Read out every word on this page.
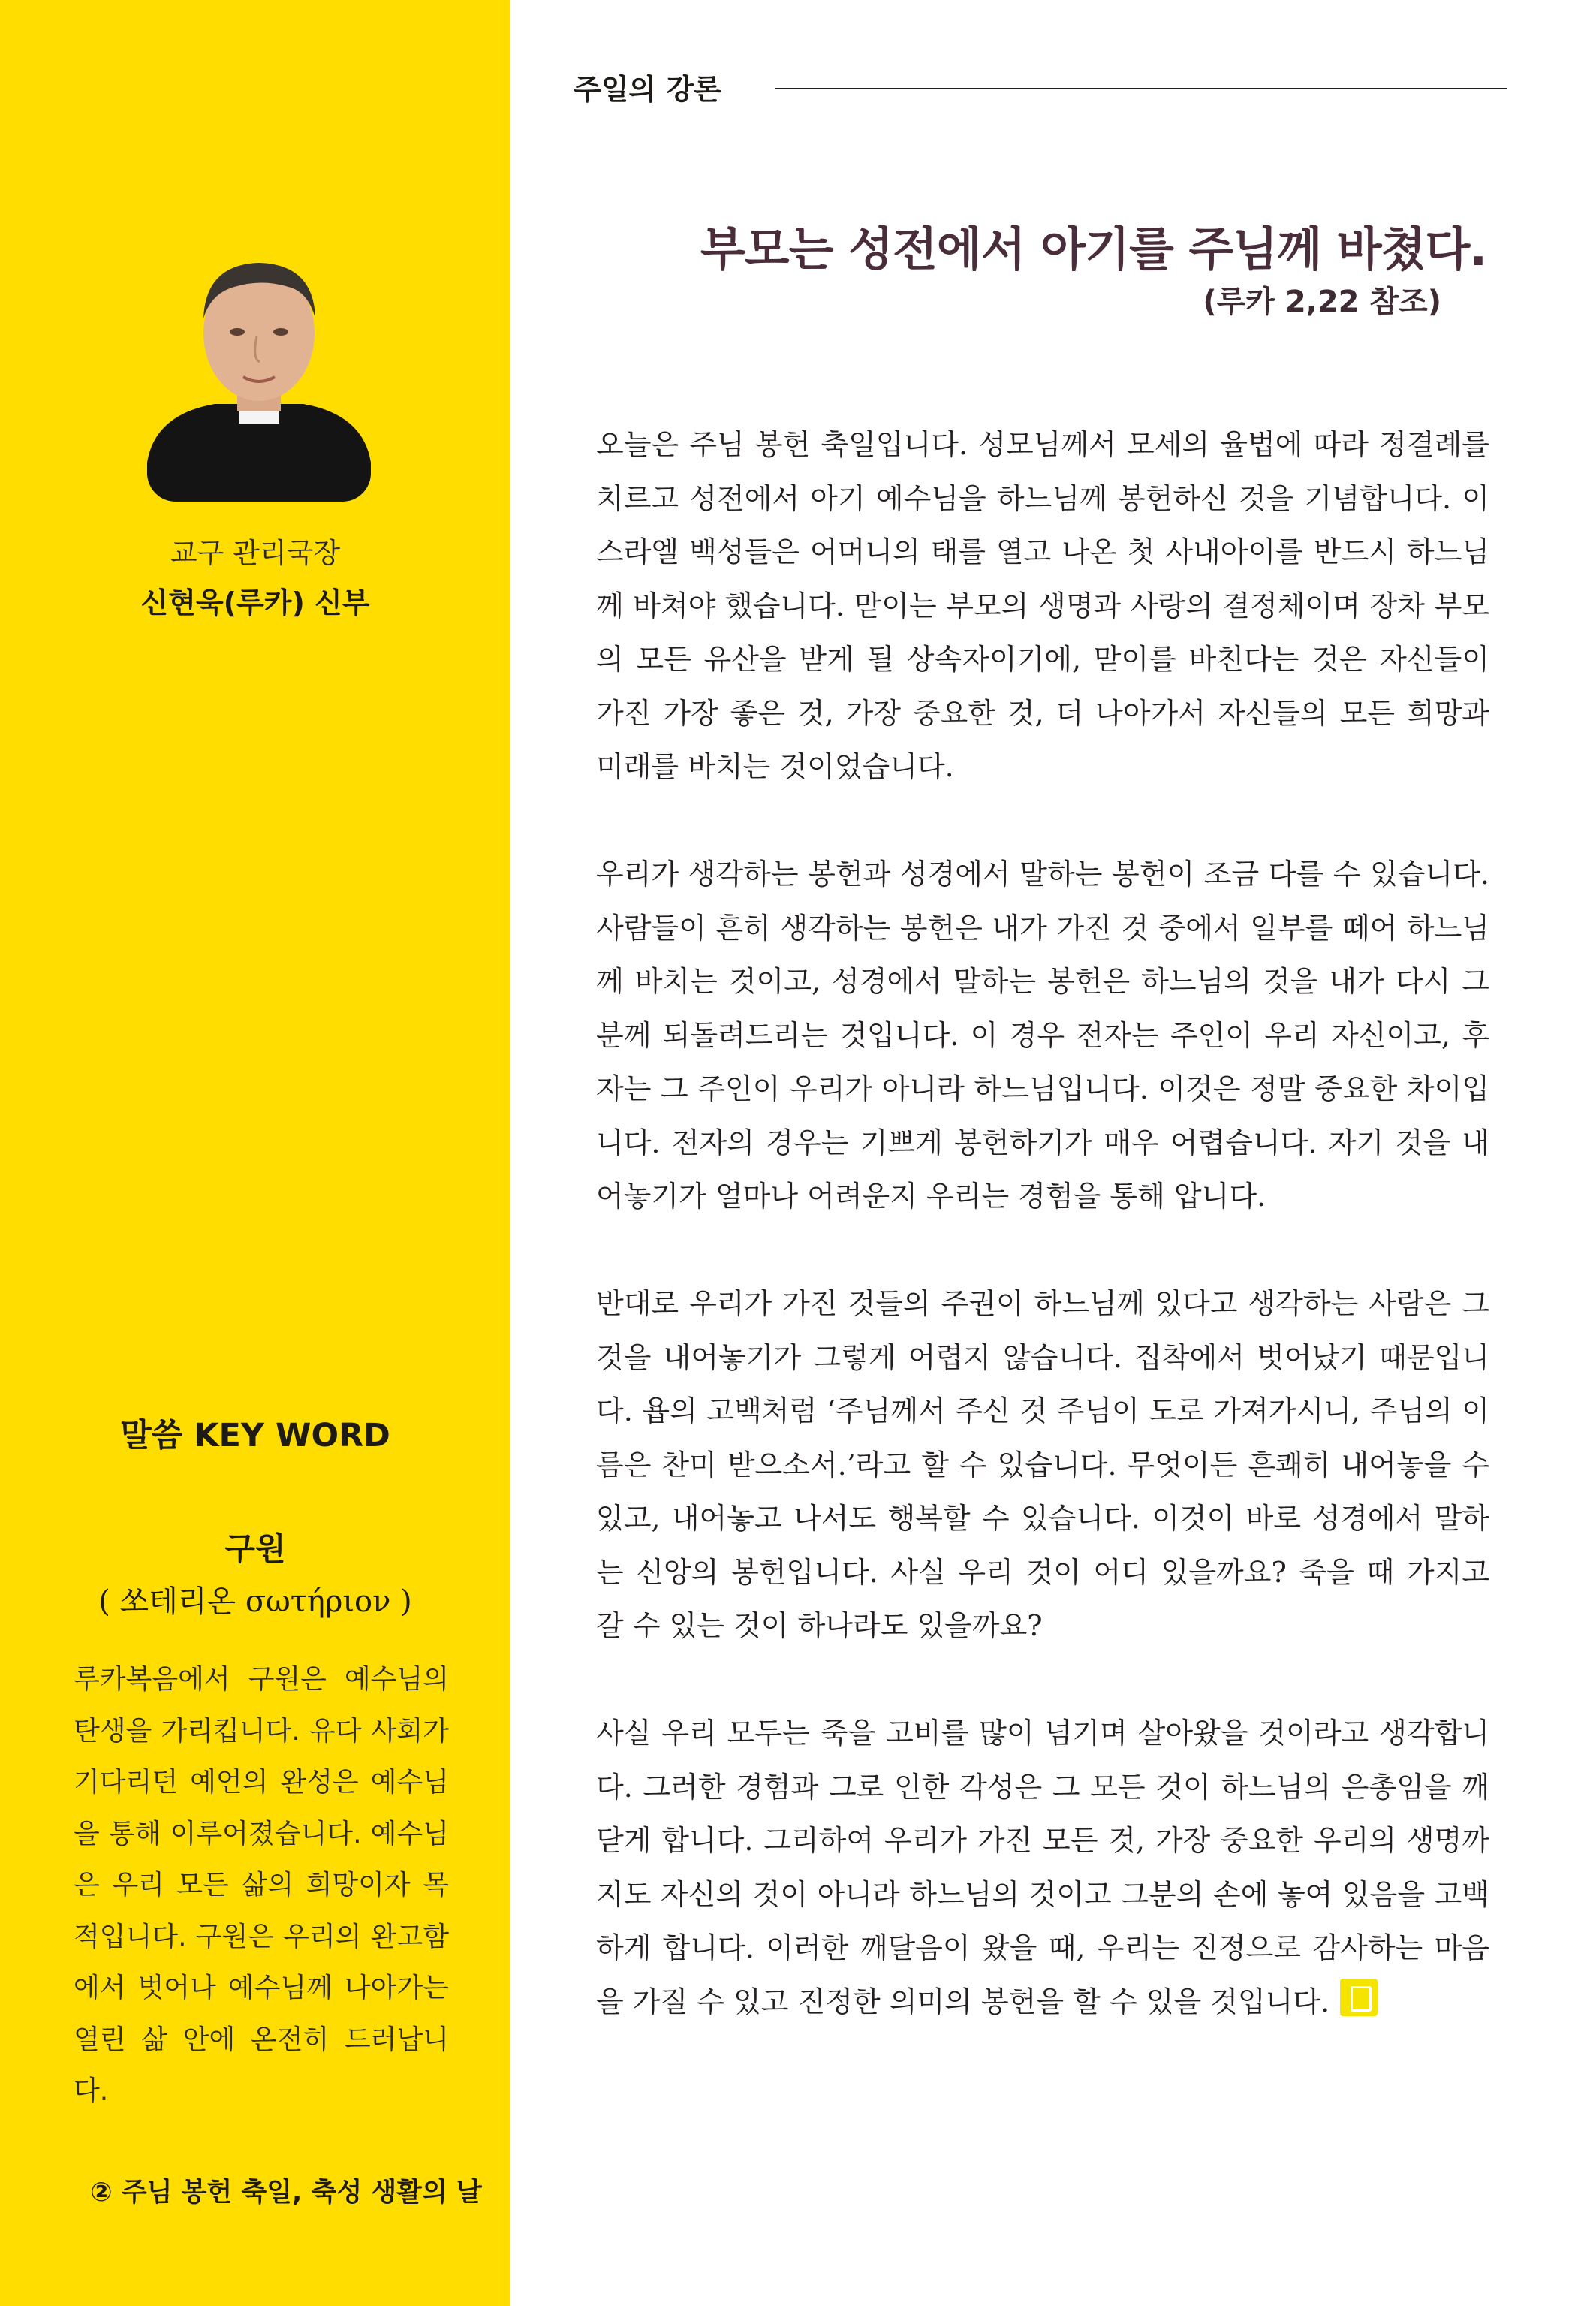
교구 관리국장
신현욱(루카) 신부
말씀 KEY WORD
구원
( 쏘테리온 σωτήριον )
루카복음에서 구원은 예수님의 탄생을 가리킵니다. 유다 사회가 기다리던 예언의 완성은 예수님을 통해 이루어졌습니다. 예수님은 우리 모든 삶의 희망이자 목적입니다. 구원은 우리의 완고함에서 벗어나 예수님께 나아가는 열린 삶 안에 온전히 드러납니다.
② 주님 봉헌 축일, 축성 생활의 날
주일의 강론
부모는 성전에서 아기를 주님께 바쳤다.
(루카 2,22 참조)

오늘은 주님 봉헌 축일입니다. 성모님께서 모세의 율법에 따라 정결례를 치르고 성전에서 아기 예수님을 하느님께 봉헌하신 것을 기념합니다. 이스라엘 백성들은 어머니의 태를 열고 나온 첫 사내아이를 반드시 하느님께 바쳐야 했습니다. 맏이는 부모의 생명과 사랑의 결정체이며 장차 부모의 모든 유산을 받게 될 상속자이기에, 맏이를 바친다는 것은 자신들이 가진 가장 좋은 것, 가장 중요한 것, 더 나아가서 자신들의 모든 희망과 미래를 바치는 것이었습니다.

우리가 생각하는 봉헌과 성경에서 말하는 봉헌이 조금 다를 수 있습니다. 사람들이 흔히 생각하는 봉헌은 내가 가진 것 중에서 일부를 떼어 하느님께 바치는 것이고, 성경에서 말하는 봉헌은 하느님의 것을 내가 다시 그분께 되돌려드리는 것입니다. 이 경우 전자는 주인이 우리 자신이고, 후자는 그 주인이 우리가 아니라 하느님입니다. 이것은 정말 중요한 차이입니다. 전자의 경우는 기쁘게 봉헌하기가 매우 어렵습니다. 자기 것을 내어놓기가 얼마나 어려운지 우리는 경험을 통해 압니다.

반대로 우리가 가진 것들의 주권이 하느님께 있다고 생각하는 사람은 그것을 내어놓기가 그렇게 어렵지 않습니다. 집착에서 벗어났기 때문입니다. 욥의 고백처럼 ‘주님께서 주신 것 주님이 도로 가져가시니, 주님의 이름은 찬미 받으소서.’라고 할 수 있습니다. 무엇이든 흔쾌히 내어놓을 수 있고, 내어놓고 나서도 행복할 수 있습니다. 이것이 바로 성경에서 말하는 신앙의 봉헌입니다. 사실 우리 것이 어디 있을까요? 죽을 때 가지고 갈 수 있는 것이 하나라도 있을까요?

사실 우리 모두는 죽을 고비를 많이 넘기며 살아왔을 것이라고 생각합니다. 그러한 경험과 그로 인한 각성은 그 모든 것이 하느님의 은총임을 깨닫게 합니다. 그리하여 우리가 가진 모든 것, 가장 중요한 우리의 생명까지도 자신의 것이 아니라 하느님의 것이고 그분의 손에 놓여 있음을 고백하게 합니다. 이러한 깨달음이 왔을 때, 우리는 진정으로 감사하는 마음을 가질 수 있고 진정한 의미의 봉헌을 할 수 있을 것입니다.
